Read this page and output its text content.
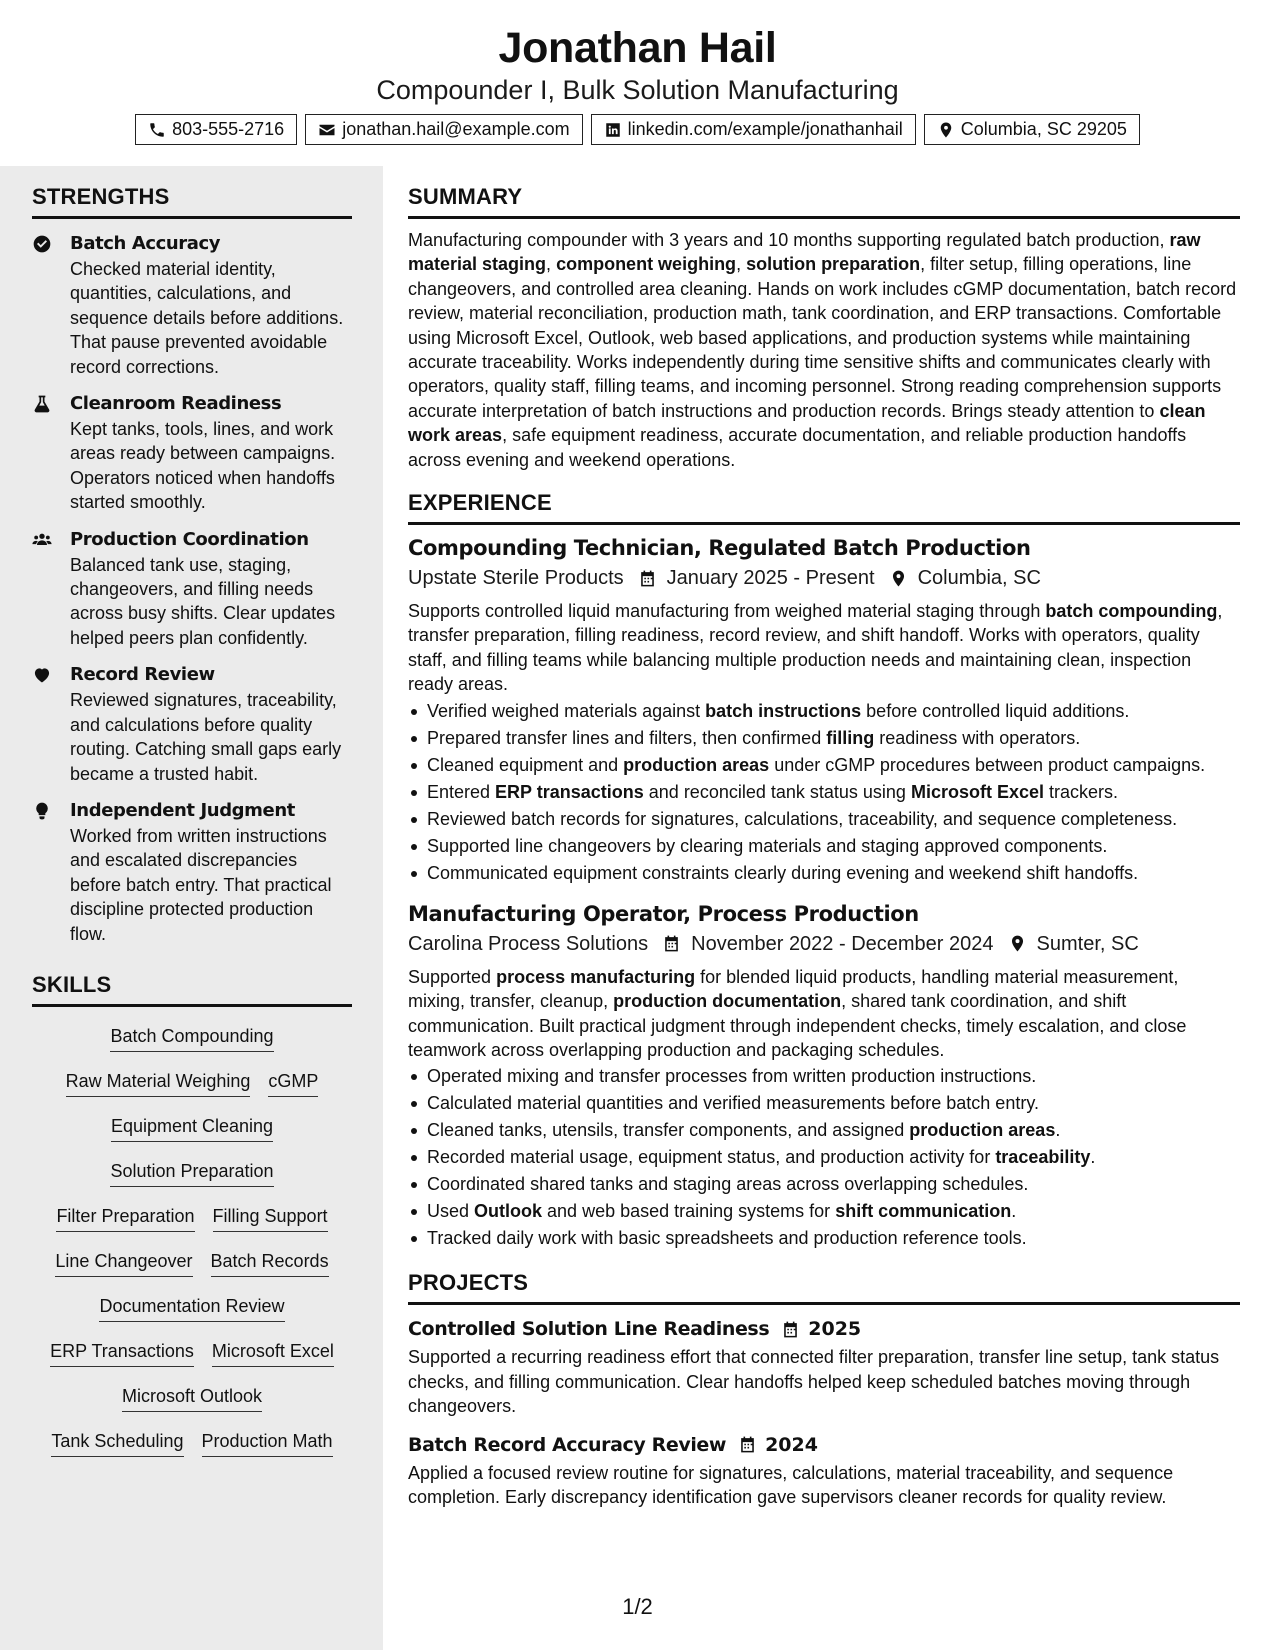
Jonathan Hail
Compounder I, Bulk Solution Manufacturing
803-555-2716	jonathan.hail@example.com	linkedin.com/example/jonathanhail	Columbia, SC 29205
STRENGTHS
Batch Accuracy
Checked material identity, quantities, calculations, and sequence details before additions. That pause prevented avoidable record corrections.
Cleanroom Readiness
Kept tanks, tools, lines, and work areas ready between campaigns. Operators noticed when handoffs started smoothly.
Production Coordination
Balanced tank use, staging, changeovers, and filling needs across busy shifts. Clear updates helped peers plan confidently.
Record Review
Reviewed signatures, traceability, and calculations before quality routing. Catching small gaps early became a trusted habit.
Independent Judgment
Worked from written instructions and escalated discrepancies before batch entry. That practical discipline protected production flow.
SKILLS
Batch Compounding
Raw Material Weighing cGMP
Equipment Cleaning
Solution Preparation
Filter Preparation Filling Support
Line Changeover Batch Records
Documentation Review
ERP Transactions Microsoft Excel
Microsoft Outlook
Tank Scheduling Production Math
SUMMARY
Manufacturing compounder with 3 years and 10 months supporting regulated batch production, raw material staging, component weighing, solution preparation, filter setup, filling operations, line changeovers, and controlled area cleaning. Hands on work includes cGMP documentation, batch record review, material reconciliation, production math, tank coordination, and ERP transactions. Comfortable using Microsoft Excel, Outlook, web based applications, and production systems while maintaining accurate traceability. Works independently during time sensitive shifts and communicates clearly with operators, quality staff, filling teams, and incoming personnel. Strong reading comprehension supports accurate interpretation of batch instructions and production records. Brings steady attention to clean work areas, safe equipment readiness, accurate documentation, and reliable production handoffs across evening and weekend operations.
EXPERIENCE
Compounding Technician, Regulated Batch Production
Upstate Sterile Products January 2025 - Present Columbia, SC
Supports controlled liquid manufacturing from weighed material staging through batch compounding, transfer preparation, filling readiness, record review, and shift handoff. Works with operators, quality staff, and filling teams while balancing multiple production needs and maintaining clean, inspection ready areas.
Verified weighed materials against batch instructions before controlled liquid additions.
Prepared transfer lines and filters, then confirmed filling readiness with operators.
Cleaned equipment and production areas under cGMP procedures between product campaigns.
Entered ERP transactions and reconciled tank status using Microsoft Excel trackers.
Reviewed batch records for signatures, calculations, traceability, and sequence completeness.
Supported line changeovers by clearing materials and staging approved components.
Communicated equipment constraints clearly during evening and weekend shift handoffs.
Manufacturing Operator, Process Production
Carolina Process Solutions November 2022 - December 2024 Sumter, SC
Supported process manufacturing for blended liquid products, handling material measurement, mixing, transfer, cleanup, production documentation, shared tank coordination, and shift communication. Built practical judgment through independent checks, timely escalation, and close teamwork across overlapping production and packaging schedules.
Operated mixing and transfer processes from written production instructions.
Calculated material quantities and verified measurements before batch entry.
Cleaned tanks, utensils, transfer components, and assigned production areas.
Recorded material usage, equipment status, and production activity for traceability.
Coordinated shared tanks and staging areas across overlapping schedules.
Used Outlook and web based training systems for shift communication.
Tracked daily work with basic spreadsheets and production reference tools.
PROJECTS
Controlled Solution Line Readiness 2025
Supported a recurring readiness effort that connected filter preparation, transfer line setup, tank status checks, and filling communication. Clear handoffs helped keep scheduled batches moving through changeovers.
Batch Record Accuracy Review 2024
Applied a focused review routine for signatures, calculations, material traceability, and sequence completion. Early discrepancy identification gave supervisors cleaner records for quality review.
1/2
